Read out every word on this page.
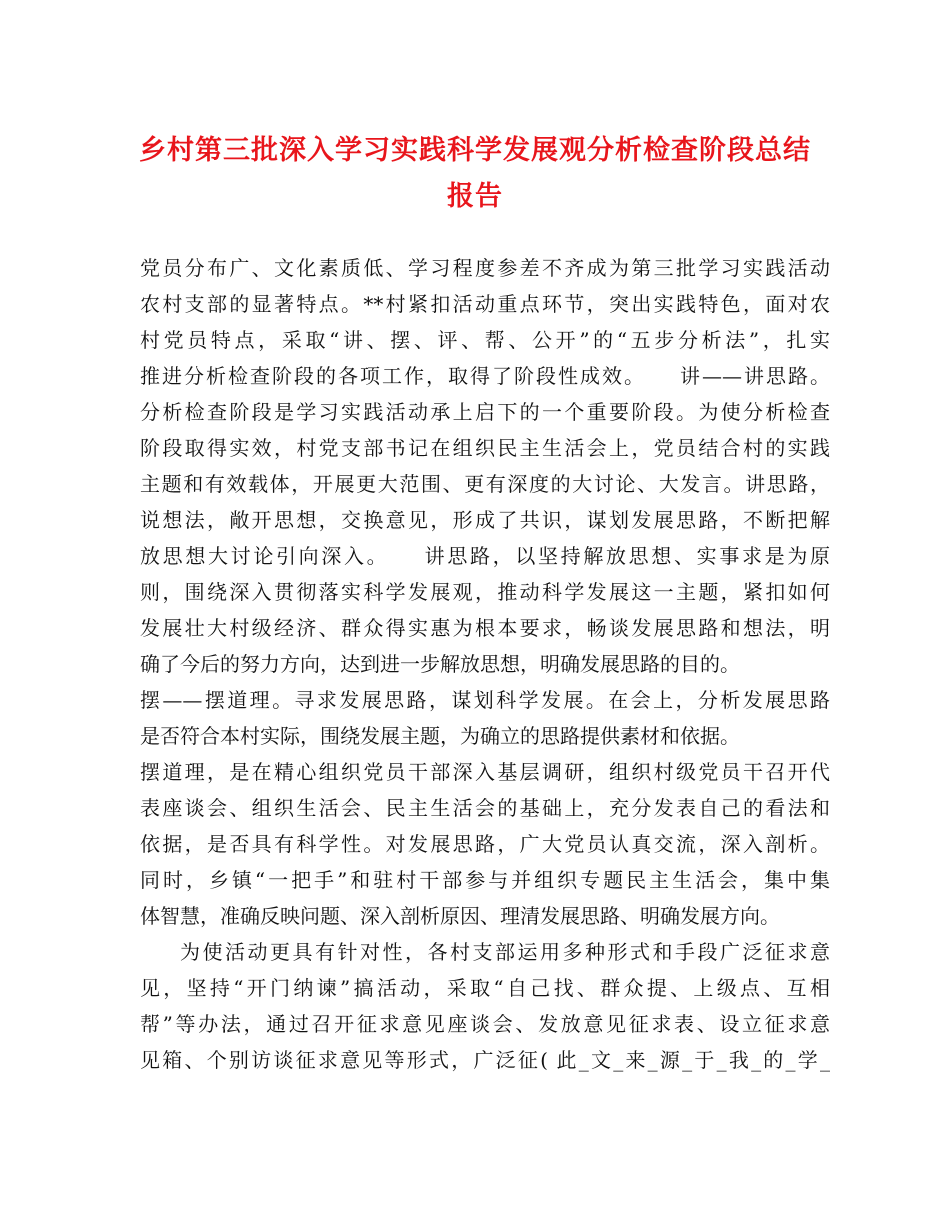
乡村第三批深入学习实践科学发展观分析检查阶段总结
报告
党员分布广、文化素质低、学习程度参差不齐成为第三批学习实践活动
农村支部的显著特点。**村紧扣活动重点环节，突出实践特色，面对农
村党员特点，采取“讲、摆、评、帮、公开”的“五步分析法”，扎实
推进分析检查阶段的各项工作，取得了阶段性成效。　　讲——讲思路。
分析检查阶段是学习实践活动承上启下的一个重要阶段。为使分析检查
阶段取得实效，村党支部书记在组织民主生活会上，党员结合村的实践
主题和有效载体，开展更大范围、更有深度的大讨论、大发言。讲思路，
说想法，敞开思想，交换意见，形成了共识，谋划发展思路，不断把解
放思想大讨论引向深入。　　讲思路，以坚持解放思想、实事求是为原
则，围绕深入贯彻落实科学发展观，推动科学发展这一主题，紧扣如何
发展壮大村级经济、群众得实惠为根本要求，畅谈发展思路和想法，明
确了今后的努力方向，达到进一步解放思想，明确发展思路的目的。
摆——摆道理。寻求发展思路，谋划科学发展。在会上，分析发展思路
是否符合本村实际，围绕发展主题，为确立的思路提供素材和依据。
摆道理，是在精心组织党员干部深入基层调研，组织村级党员干召开代
表座谈会、组织生活会、民主生活会的基础上，充分发表自己的看法和
依据，是否具有科学性。对发展思路，广大党员认真交流，深入剖析。
同时，乡镇“一把手”和驻村干部参与并组织专题民主生活会，集中集
体智慧，准确反映问题、深入剖析原因、理清发展思路、明确发展方向。
为使活动更具有针对性，各村支部运用多种形式和手段广泛征求意
见，坚持“开门纳谏”搞活动，采取“自己找、群众提、上级点、互相
帮”等办法，通过召开征求意见座谈会、发放意见征求表、设立征求意
见箱、个别访谈征求意见等形式，广泛征( 此_文_来_源_于_我_的_学_
